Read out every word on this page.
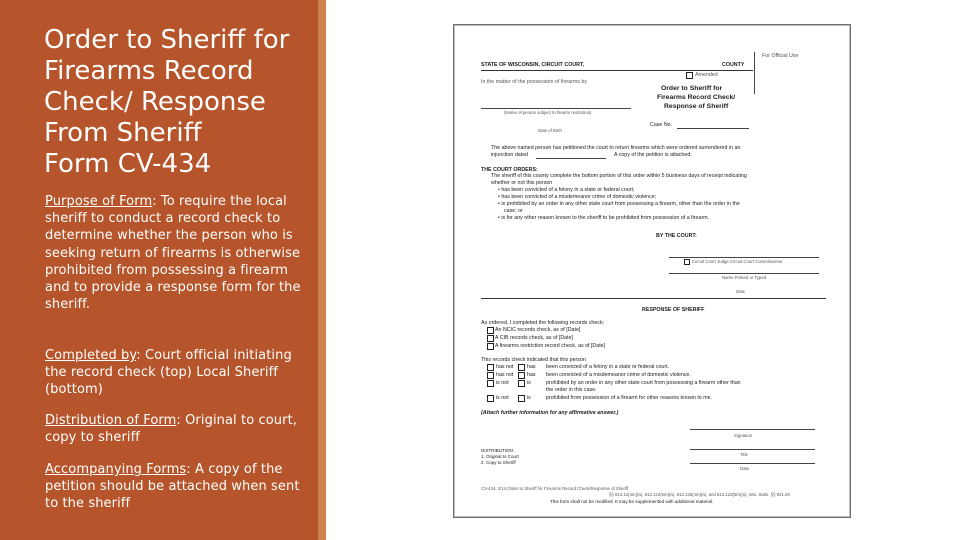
Order to Sheriff for
Firearms Record
Check/ Response
From Sheriff
Form CV-434
Purpose of Form: To require the local sheriff to conduct a record check to determine whether the person who is seeking return of firearms is otherwise prohibited from possessing a firearm and to provide a response form for the sheriff.
Completed by: Court official initiating the record check (top) Local Sheriff (bottom)
Distribution of Form: Original to court, copy to sheriff
Accompanying Forms: A copy of the petition should be attached when sent to the sheriff
For Official Use
STATE OF WISCONSIN, CIRCUIT COURT,	COUNTY
Amended
In the matter of the possession of firearms by
(Name of person subject to firearm restriction)
Order to Sheriff for
Firearms Record Check/
Response of Sheriff
Date of Birth
Case No.
The above named person has petitioned the court to return firearms which were ordered surrendered in an
injunction dated	A copy of the petition is attached.
THE COURT ORDERS:
The sheriff of this county complete the bottom portion of this order within 5 business days of receipt indicating
whether or not this person
• has been convicted of a felony in a state or federal court;
• has been convicted of a misdemeanor crime of domestic violence;
• is prohibited by an order in any other state court from possessing a firearm, other than the order in the
case; or
• is for any other reason known to the sheriff to be prohibited from possession of a firearm.
BY THE COURT:
Circuit Court Judge Circuit Court Commissioner
Name Printed or Typed
Date
RESPONSE OF SHERIFF
As ordered, I completed the following records check:
An NCIC records check, as of [Date]
A CIB records check, as of [Date]
A firearms restriction record check, as of [Date]
This records check indicated that this person
has not	has been convicted of a felony in a state or federal court.
has not	has been convicted of a misdemeanor crime of domestic violence.
is not	is	prohibited by an order in any other state court from possessing a firearm other than
the order in this case.
is not	is	prohibited from possession of a firearm for other reasons known to me.
(Attach further information for any affirmative answer.)
Signature
Title
Date
DISTRIBUTION:
1. Original to Court
2. Copy to Sheriff
CV-434, 2/14 Order to Sheriff for Firearms Record Check/Response of Sheriff
§§ 813.12(4m)(a), 813.122(5m)(a), 813.125(4m)(a), and 813.123(5m)(a), Wis. Stats. §§ 941.29
This form shall not be modified. It may be supplemented with additional material.
